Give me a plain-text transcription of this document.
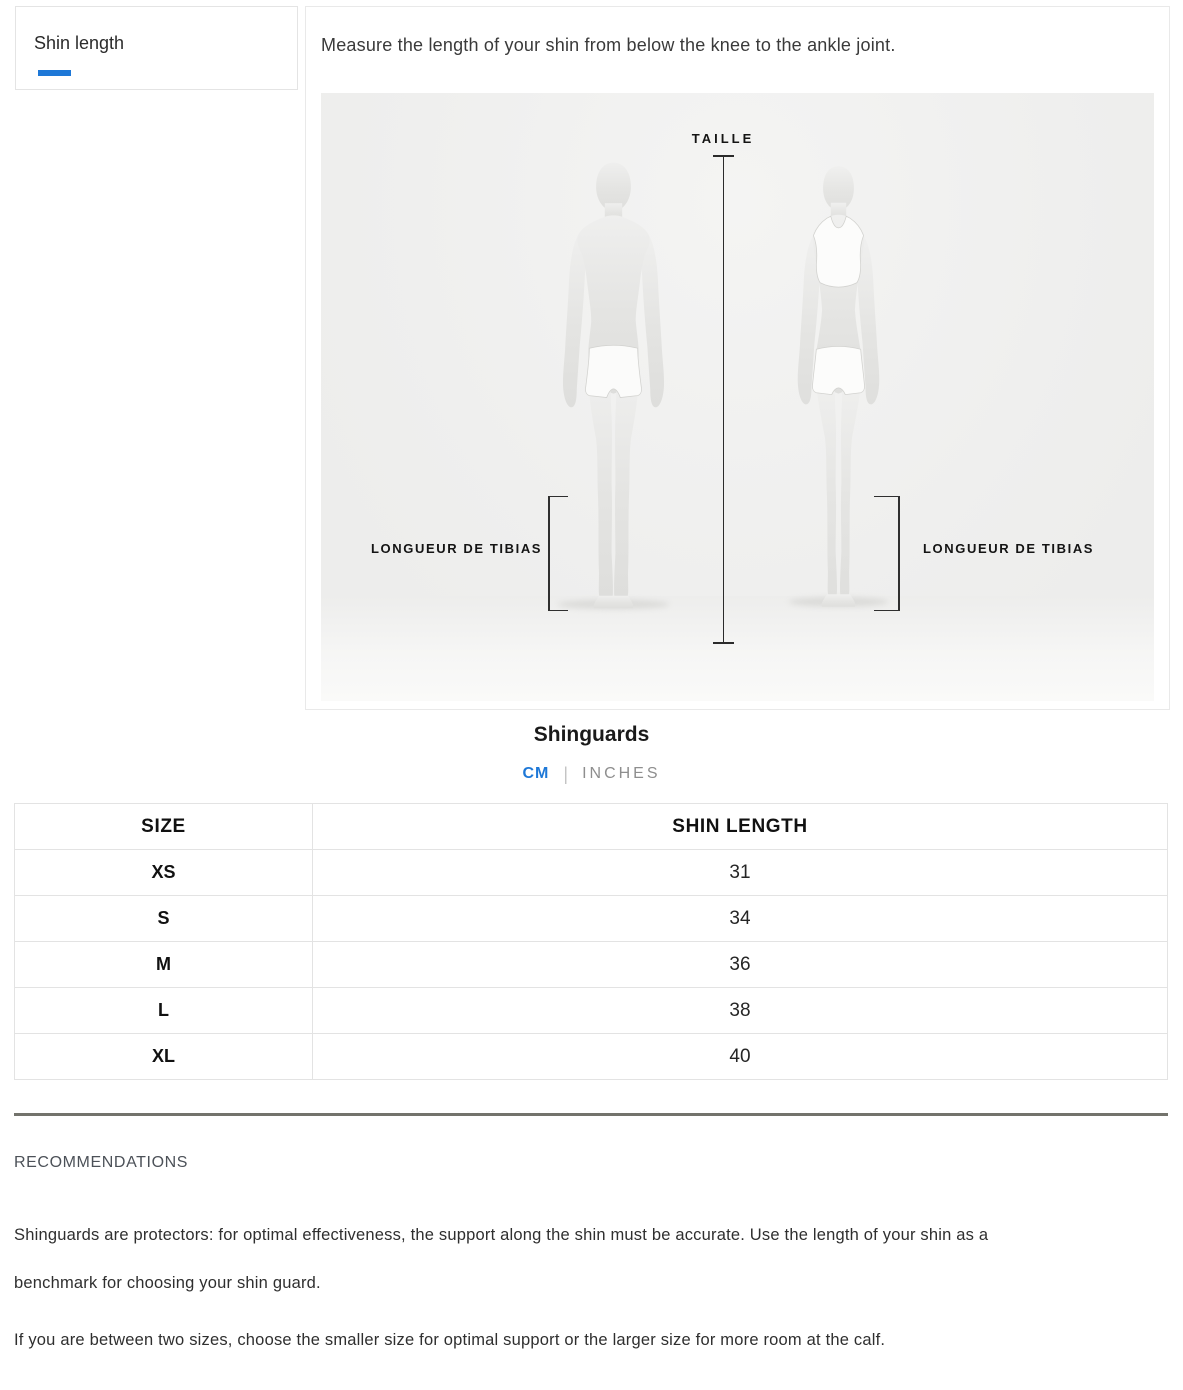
Shin length	Measure the length of your shin from below the knee to the ankle joint.

TAILLE
LONGUEUR DE TIBIAS	LONGUEUR DE TIBIAS
Shinguards
CM | INCHES
SIZE	SHIN LENGTH
XS	31
S	34
M	36
L	38
XL	40
RECOMMENDATIONS
Shinguards are protectors: for optimal effectiveness, the support along the shin must be accurate. Use the length of your shin as a
benchmark for choosing your shin guard.
If you are between two sizes, choose the smaller size for optimal support or the larger size for more room at the calf.
